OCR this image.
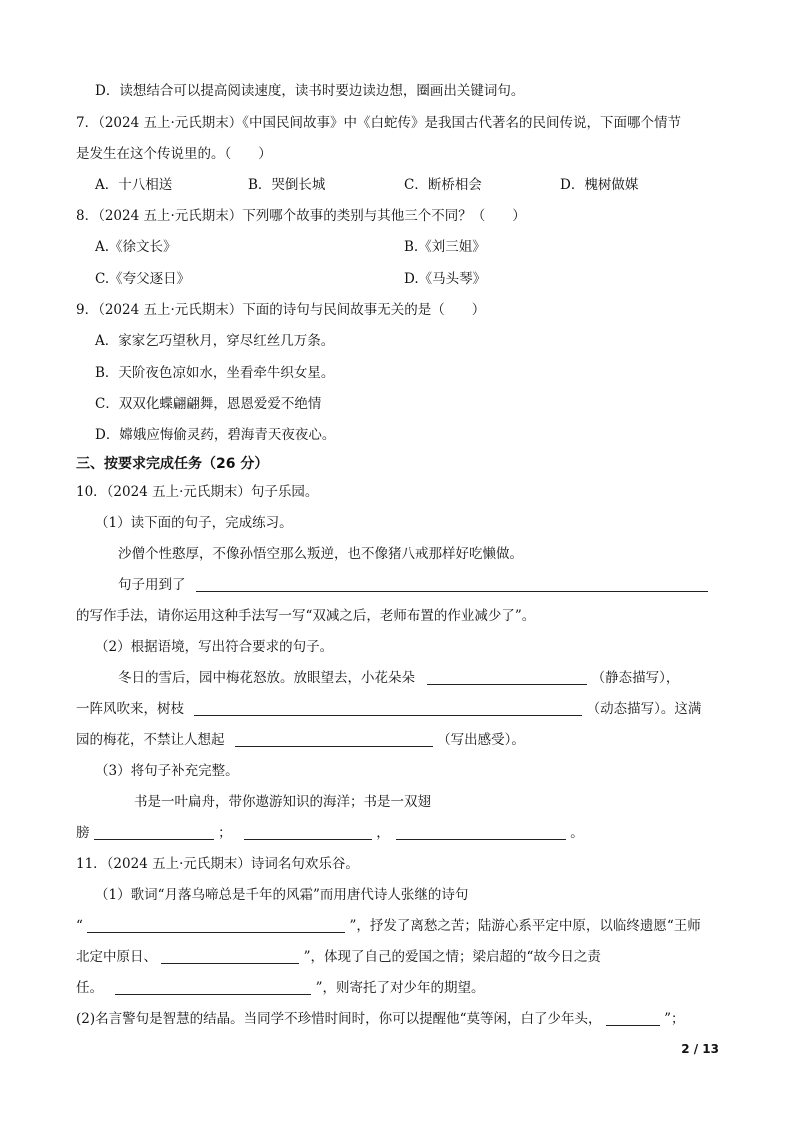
D．读想结合可以提高阅读速度，读书时要边读边想，圈画出关键词句。
7．（2024 五上·元氏期末）《中国民间故事》中《白蛇传》是我国古代著名的民间传说，下面哪个情节
是发生在这个传说里的。（　　）
A．十八相送	B．哭倒长城	C．断桥相会	D．槐树做媒
8．（2024 五上·元氏期末）下列哪个故事的类别与其他三个不同？（　　）
A.《徐文长》	B.《刘三姐》
C.《夸父逐日》	D.《马头琴》
9．（2024 五上·元氏期末）下面的诗句与民间故事无关的是（　　）
A．家家乞巧望秋月，穿尽红丝几万条。
B．天阶夜色凉如水，坐看牵牛织女星。
C．双双化蝶翩翩舞，恩恩爱爱不绝情
D．嫦娥应悔偷灵药，碧海青天夜夜心。
三、按要求完成任务（26 分）
10．（2024 五上·元氏期末）句子乐园。
（1）读下面的句子，完成练习。
沙僧个性憨厚，不像孙悟空那么叛逆，也不像猪八戒那样好吃懒做。
句子用到了
的写作手法，请你运用这种手法写一写“双减之后，老师布置的作业减少了”。
（2）根据语境，写出符合要求的句子。
冬日的雪后，园中梅花怒放。放眼望去，小花朵朵	（静态描写），
一阵风吹来，树枝	（动态描写）。这满
园的梅花，不禁让人想起	（写出感受）。
（3）将句子补充完整。
书是一叶扁舟，带你遨游知识的海洋；书是一双翅
膀	；	，	。
11．（2024 五上·元氏期末）诗词名句欢乐谷。
（1）歌词“月落乌啼总是千年的风霜”而用唐代诗人张继的诗句
“	”，抒发了离愁之苦；陆游心系平定中原，以临终遗愿“王师
北定中原日、	”，体现了自己的爱国之情；梁启超的“故今日之责
任。	”，则寄托了对少年的期望。
(2)名言警句是智慧的结晶。当同学不珍惜时间时，你可以提醒他“莫等闲，白了少年头，	”；
2 / 13
